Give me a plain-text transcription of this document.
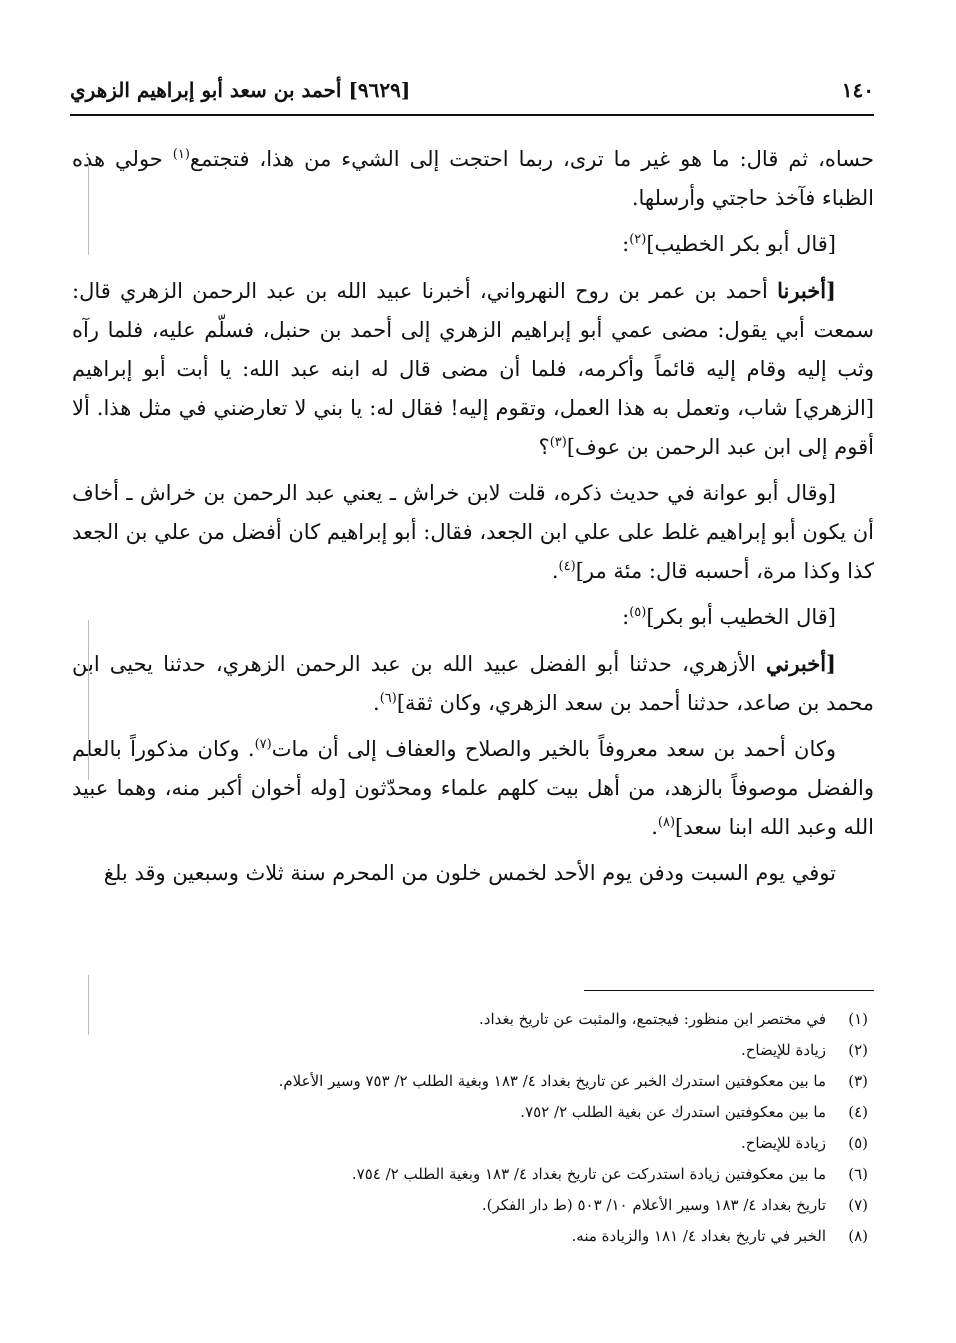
١٤٠
[٩٦٢٩] أحمد بن سعد أبو إبراهيم الزهري

حساه، ثم قال: ما هو غير ما ترى، ربما احتجت إلى الشيء من هذا، فتجتمع$^{(١)}$ حولي هذه الظباء فآخذ حاجتي وأرسلها.

[قال أبو بكر الخطيب]$^{(٢)}$:

[أخبرنا أحمد بن عمر بن روح النهرواني، أخبرنا عبيد الله بن عبد الرحمن الزهري قال: سمعت أبي يقول: مضى عمي أبو إبراهيم الزهري إلى أحمد بن حنبل، فسلّم عليه، فلما رآه وثب إليه وقام إليه قائماً وأكرمه، فلما أن مضى قال له ابنه عبد الله: يا أبت أبو إبراهيم [الزهري] شاب، وتعمل به هذا العمل، وتقوم إليه! فقال له: يا بني لا تعارضني في مثل هذا. ألا أقوم إلى ابن عبد الرحمن بن عوف]$^{(٣)}$؟

[وقال أبو عوانة في حديث ذكره، قلت لابن خراش ـ يعني عبد الرحمن بن خراش ـ أخاف أن يكون أبو إبراهيم غلط على علي ابن الجعد، فقال: أبو إبراهيم كان أفضل من علي بن الجعد كذا وكذا مرة، أحسبه قال: مئة مر]$^{(٤)}$.

[قال الخطيب أبو بكر]$^{(٥)}$:

[أخبرني الأزهري، حدثنا أبو الفضل عبيد الله بن عبد الرحمن الزهري، حدثنا يحيى ابن محمد بن صاعد، حدثنا أحمد بن سعد الزهري، وكان ثقة]$^{(٦)}$.

وكان أحمد بن سعد معروفاً بالخير والصلاح والعفاف إلى أن مات$^{(٧)}$. وكان مذكوراً بالعلم والفضل موصوفاً بالزهد، من أهل بيت كلهم علماء ومحدّثون [وله أخوان أكبر منه، وهما عبيد الله وعبد الله ابنا سعد]$^{(٨)}$.

توفي يوم السبت ودفن يوم الأحد لخمس خلون من المحرم سنة ثلاث وسبعين وقد بلغ

(١)
في مختصر ابن منظور: فيجتمع، والمثبت عن تاريخ بغداد.
(٢)
زيادة للإيضاح.
(٣)
ما بين معكوفتين استدرك الخبر عن تاريخ بغداد ٤/ ١٨٣ وبغية الطلب ٢/ ٧٥٣ وسير الأعلام.
(٤)
ما بين معكوفتين استدرك عن بغية الطلب ٢/ ٧٥٢.
(٥)
زيادة للإيضاح.
(٦)
ما بين معكوفتين زيادة استدركت عن تاريخ بغداد ٤/ ١٨٣ وبغية الطلب ٢/ ٧٥٤.
(٧)
تاريخ بغداد ٤/ ١٨٣ وسير الأعلام ١٠/ ٥٠٣ (ط دار الفكر).
(٨)
الخبر في تاريخ بغداد ٤/ ١٨١ والزيادة منه.
